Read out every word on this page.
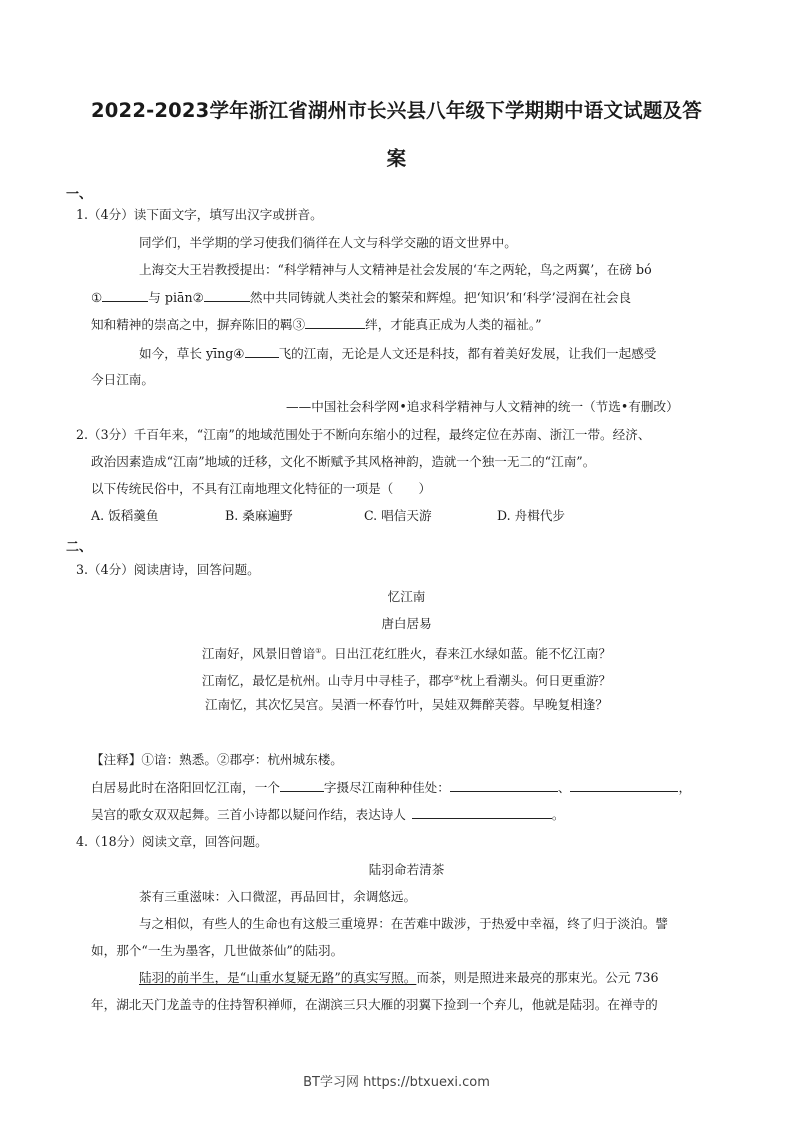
2022-2023学年浙江省湖州市长兴县八年级下学期期中语文试题及答
案
一、
1.（4分）读下面文字，填写出汉字或拼音。
同学们，半学期的学习使我们徜徉在人文与科学交融的语文世界中。
上海交大王岩教授提出：“科学精神与人文精神是社会发展的‘车之两轮，鸟之两翼’，在磅 bó
①	与 piān②	然中共同铸就人类社会的繁荣和辉煌。把‘知识’和‘科学’浸润在社会良
知和精神的崇高之中，摒弃陈旧的羁③	绊，才能真正成为人类的福祉。”
如今，草长 yīng④	飞的江南，无论是人文还是科技，都有着美好发展，让我们一起感受
今日江南。
——中国社会科学网•追求科学精神与人文精神的统一（节选•有删改）
2.（3分）千百年来，“江南”的地域范围处于不断向东缩小的过程，最终定位在苏南、浙江一带。经济、
政治因素造成“江南”地域的迁移，文化不断赋予其风格神韵，造就一个独一无二的“江南”。
以下传统民俗中，不具有江南地理文化特征的一项是（　　）
A. 饭稻羹鱼	B. 桑麻遍野	C. 唱信天游	D. 舟楫代步
二、
3.（4分）阅读唐诗，回答问题。
忆江南
唐白居易
江南好，风景旧曾谙①。日出江花红胜火，春来江水绿如蓝。能不忆江南？
江南忆，最忆是杭州。山寺月中寻桂子，郡亭②枕上看潮头。何日更重游？
江南忆，其次忆吴宫。吴酒一杯春竹叶，吴娃双舞醉芙蓉。早晚复相逢？
【注释】①谙：熟悉。②郡亭：杭州城东楼。
白居易此时在洛阳回忆江南，一个	字摄尽江南种种佳处：	、	，
吴宫的歌女双双起舞。三首小诗都以疑问作结，表达诗人	。
4.（18分）阅读文章，回答问题。
陆羽命若清茶
茶有三重滋味：入口微涩，再品回甘，余调悠远。
与之相似，有些人的生命也有这般三重境界：在苦难中跋涉，于热爱中幸福，终了归于淡泊。譬
如，那个“一生为墨客，几世做茶仙”的陆羽。
陆羽的前半生，是“山重水复疑无路”的真实写照。而茶，则是照进来最亮的那束光。公元 736
年，湖北天门龙盖寺的住持智积禅师，在湖滨三只大雁的羽翼下捡到一个弃儿，他就是陆羽。在禅寺的
BT学习网 https://btxuexi.com
